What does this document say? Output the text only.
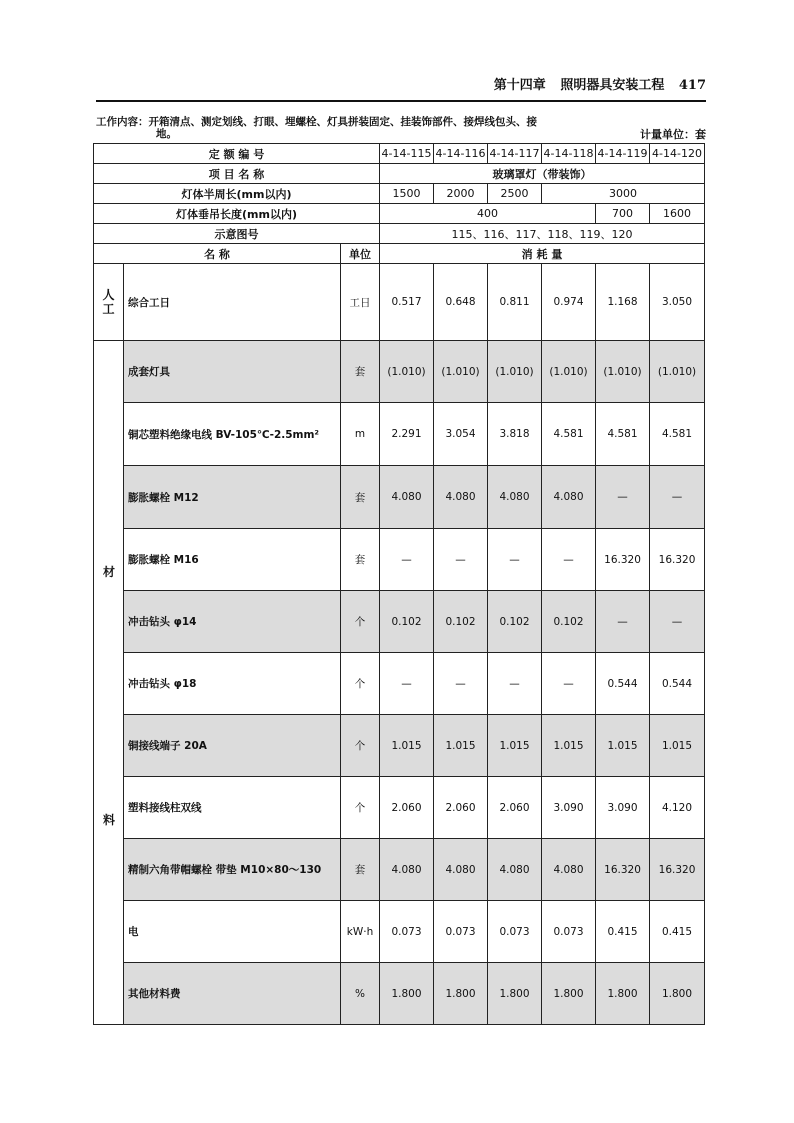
第十四章 照明器具安装工程 417
工作内容：开箱清点、测定划线、打眼、埋螺栓、灯具拼装固定、挂装饰部件、接焊线包头、接
地。	计量单位：套
定 额 编 号			4-14-115	4-14-116	4-14-117	4-14-118	4-14-119	4-14-120
项 目 名 称			玻璃罩灯（带装饰）					
灯体半周长(mm以内)			1500	2000	2500	3000		
灯体垂吊长度(mm以内)			400				700	1600
示意图号			115、116、117、118、119、120					
名 称		单位	消 耗 量					

人
工	综合工日	工日	0.517	0.648	0.811	0.974	1.168	3.050

材
料	成套灯具	套	(1.010)	(1.010)	(1.010)	(1.010)	(1.010)	(1.010)
	铜芯塑料绝缘电线 BV-105℃-2.5mm²	m	2.291	3.054	3.818	4.581	4.581	4.581
	膨胀螺栓 M12	套	4.080	4.080	4.080	4.080	—	—
	膨胀螺栓 M16	套	—	—	—	—	16.320	16.320
	冲击钻头 φ14	个	0.102	0.102	0.102	0.102	—	—
	冲击钻头 φ18	个	—	—	—	—	0.544	0.544
	铜接线端子 20A	个	1.015	1.015	1.015	1.015	1.015	1.015
	塑料接线柱双线	个	2.060	2.060	2.060	3.090	3.090	4.120
	精制六角带帽螺栓 带垫 M10×80～130	套	4.080	4.080	4.080	4.080	16.320	16.320
	电	kW·h	0.073	0.073	0.073	0.073	0.415	0.415
	其他材料费	%	1.800	1.800	1.800	1.800	1.800	1.800
